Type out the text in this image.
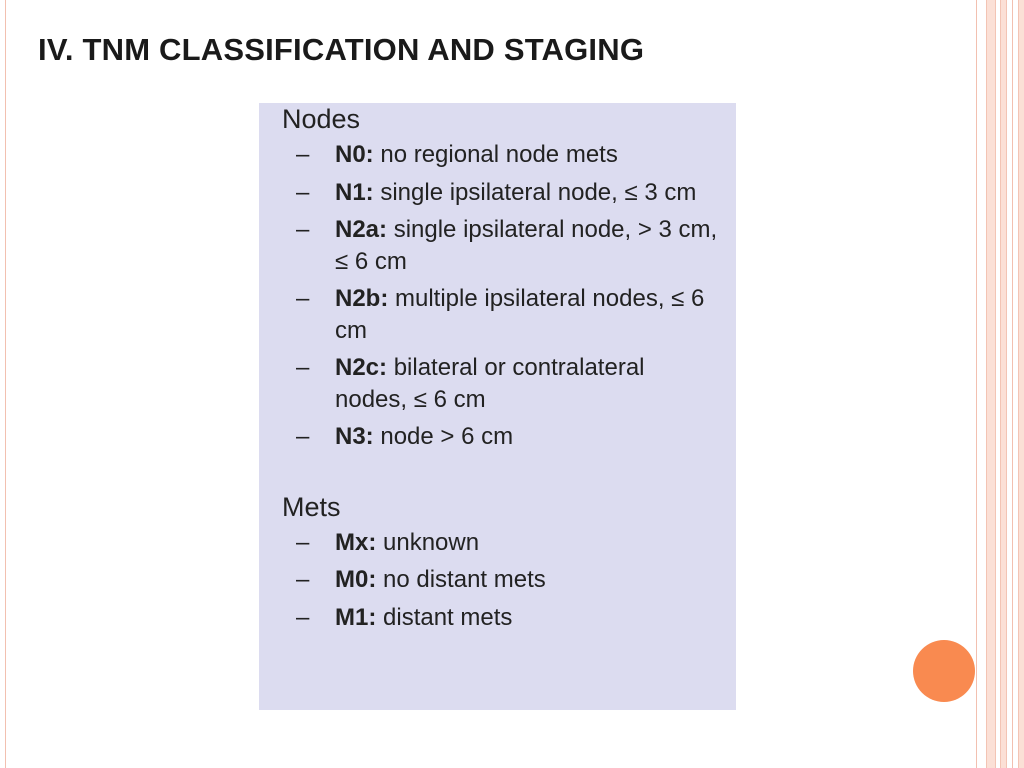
IV. TNM CLASSIFICATION AND STAGING
Nodes
– N0: no regional node mets
– N1: single ipsilateral node, ≤ 3 cm
– N2a: single ipsilateral node, > 3 cm, ≤ 6 cm
– N2b: multiple ipsilateral nodes, ≤ 6 cm
– N2c: bilateral or contralateral nodes, ≤ 6 cm
– N3: node > 6 cm
Mets
– Mx: unknown
– M0: no distant mets
– M1: distant mets
